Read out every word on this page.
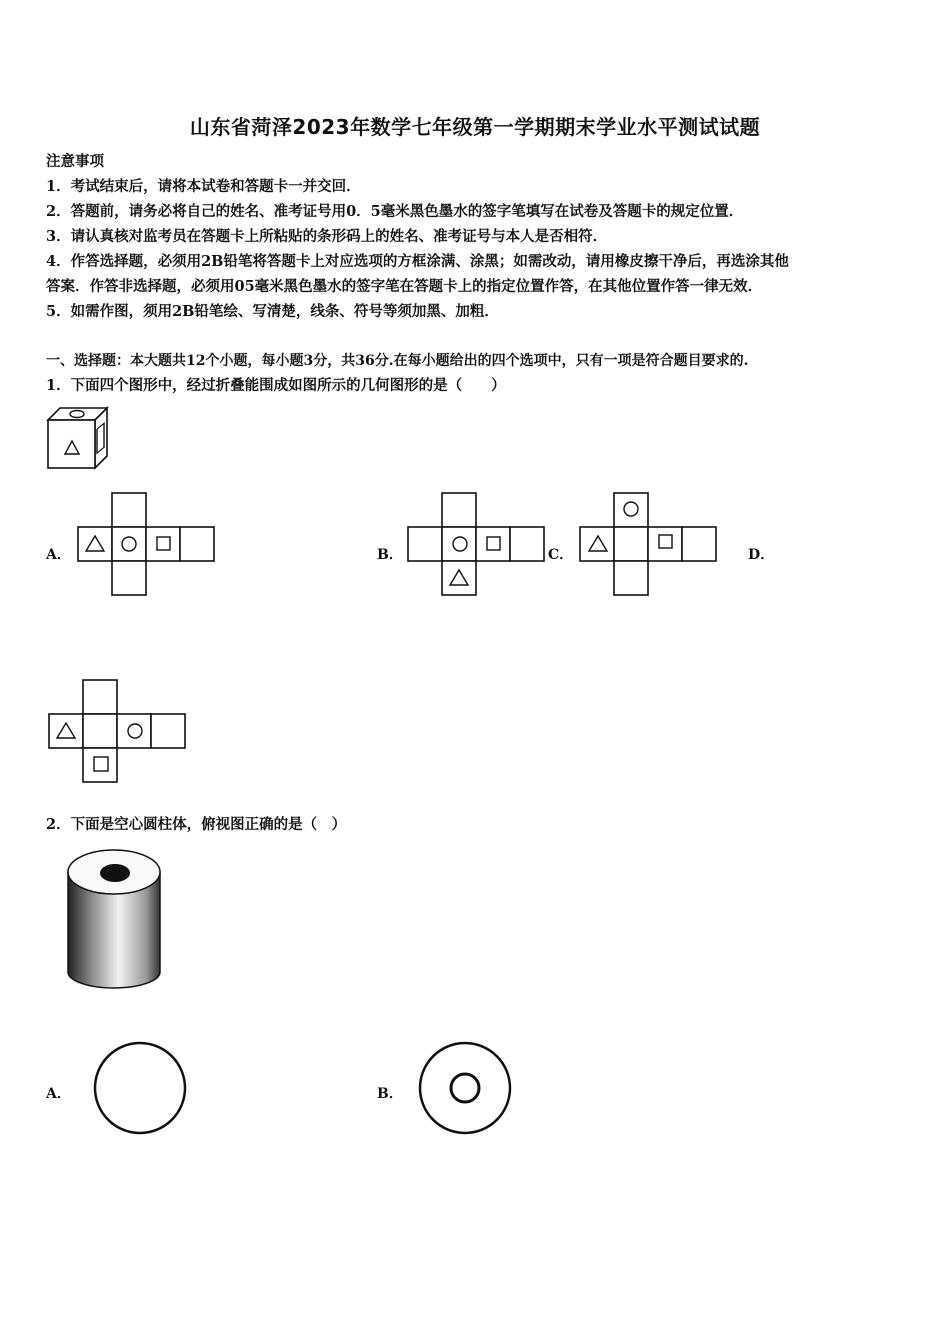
山东省菏泽2023年数学七年级第一学期期末学业水平测试试题
注意事项
1．考试结束后，请将本试卷和答题卡一并交回．
2．答题前，请务必将自己的姓名、准考证号用0．5毫米黑色墨水的签字笔填写在试卷及答题卡的规定位置．
3．请认真核对监考员在答题卡上所粘贴的条形码上的姓名、准考证号与本人是否相符．
4．作答选择题，必须用2B铅笔将答题卡上对应选项的方框涂满、涂黑；如需改动，请用橡皮擦干净后，再选涂其他
答案．作答非选择题，必须用05毫米黑色墨水的签字笔在答题卡上的指定位置作答，在其他位置作答一律无效．
5．如需作图，须用2B铅笔绘、写清楚，线条、符号等须加黑、加粗．
一、选择题：本大题共12个小题，每小题3分，共36分.在每小题给出的四个选项中，只有一项是符合题目要求的.
1．下面四个图形中，经过折叠能围成如图所示的几何图形的是（　　）
A．	B．	C．	D．
2．下面是空心圆柱体，俯视图正确的是（　）
A．	B．
